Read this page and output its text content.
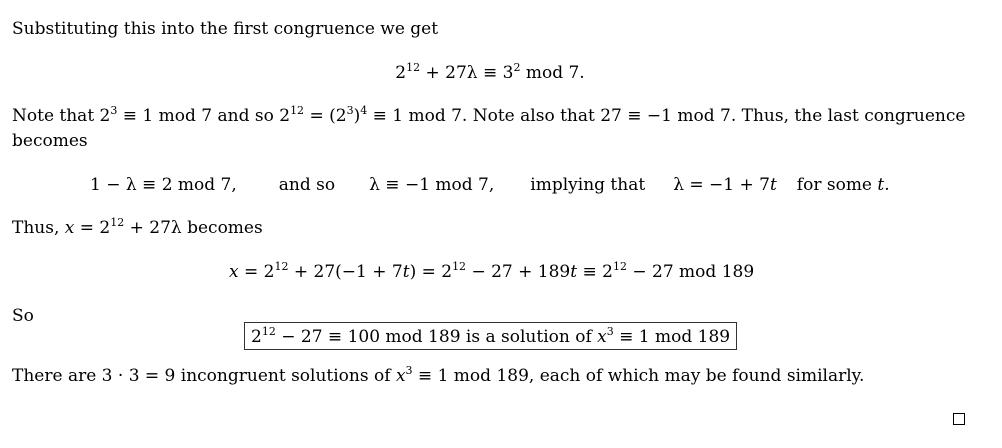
Substituting this into the first congruence we get
$2^{12} + 27\lambda \equiv 3^2$ mod 7.
Note that $2^3 \equiv 1$ mod 7 and so $2^{12} = (2^3)^4 \equiv 1$ mod 7. Note also that 27 ≡ −1 mod 7. Thus, the last congruence becomes
1 − λ ≡ 2 mod 7, and so λ ≡ −1 mod 7, implying that λ = −1 + 7t for some t.
Thus, $x = 2^{12} + 27\lambda$ becomes
$x = 2^{12} + 27(-1 + 7t) = 2^{12} - 27 + 189t \equiv 2^{12} - 27$ mod 189
So
$2^{12} - 27 \equiv 100$ mod 189 is a solution of $x^3 \equiv 1$ mod 189
There are 3 · 3 = 9 incongruent solutions of $x^3 \equiv 1$ mod 189, each of which may be found similarly.
